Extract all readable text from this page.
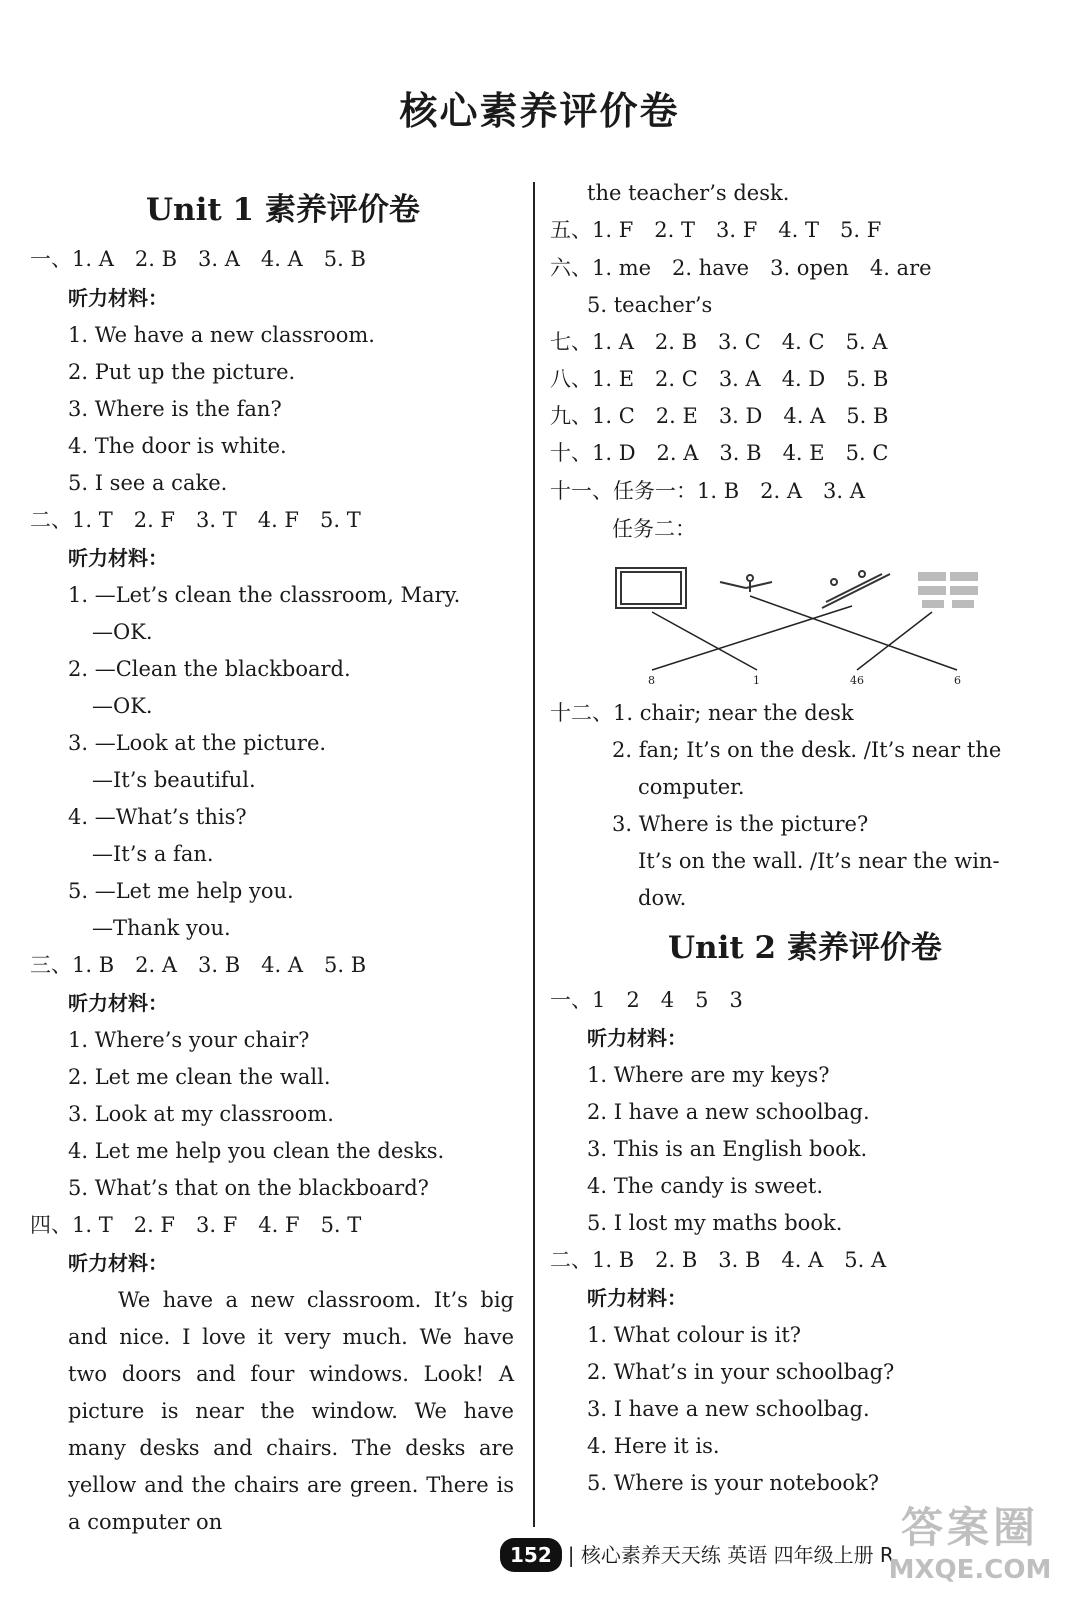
核心素养评价卷
Unit 1 素养评价卷
一、1. A　2. B　3. A　4. A　5. B
听力材料：
1. We have a new classroom.
2. Put up the picture.
3. Where is the fan?
4. The door is white.
5. I see a cake.
二、1. T　2. F　3. T　4. F　5. T
听力材料：
1. —Let’s clean the classroom, Mary.
—OK.
2. —Clean the blackboard.
—OK.
3. —Look at the picture.
—It’s beautiful.
4. —What’s this?
—It’s a fan.
5. —Let me help you.
—Thank you.
三、1. B　2. A　3. B　4. A　5. B
听力材料：
1. Where’s your chair?
2. Let me clean the wall.
3. Look at my classroom.
4. Let me help you clean the desks.
5. What’s that on the blackboard?
四、1. T　2. F　3. F　4. F　5. T
听力材料：
We have a new classroom. It’s big and nice. I love it very much. We have two doors and four windows. Look! A picture is near the window. We have many desks and chairs. The desks are yellow and the chairs are green. There is a computer on
the teacher’s desk.
五、1. F　2. T　3. F　4. T　5. F
六、1. me　2. have　3. open　4. are
5. teacher’s
七、1. A　2. B　3. C　4. C　5. A
八、1. E　2. C　3. A　4. D　5. B
九、1. C　2. E　3. D　4. A　5. B
十、1. D　2. A　3. B　4. E　5. C
十一、任务一：1. B　2. A　3. A
任务二：
十二、1. chair; near the desk
2. fan; It’s on the desk. /It’s near the
computer.
3. Where is the picture?
It’s on the wall. /It’s near the win-
dow.
Unit 2 素养评价卷
一、1　2　4　5　3
听力材料：
1. Where are my keys?
2. I have a new schoolbag.
3. This is an English book.
4. The candy is sweet.
5. I lost my maths book.
二、1. B　2. B　3. B　4. A　5. A
听力材料：
1. What colour is it?
2. What’s in your schoolbag?
3. I have a new schoolbag.
4. Here it is.
5. Where is your notebook?
8	1	46	6
152 | 核心素养天天练 英语 四年级上册 R
答案圈
MXQE.COM
